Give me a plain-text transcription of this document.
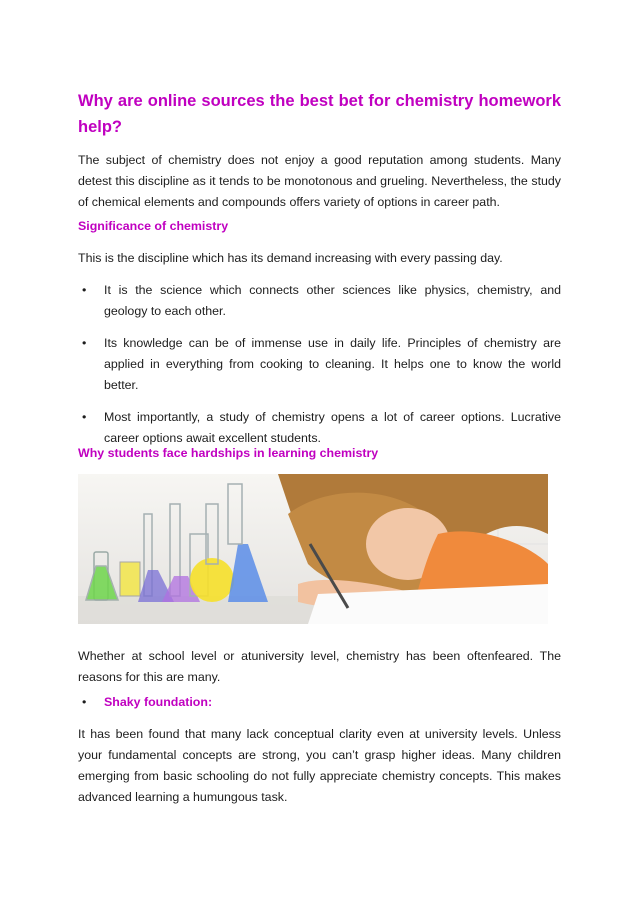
Why are online sources the best bet for chemistry homework help?

The subject of chemistry does not enjoy a good reputation among students. Many detest this discipline as it tends to be monotonous and grueling. Nevertheless, the study of chemical elements and compounds offers variety of options in career path.

Significance of chemistry

This is the discipline which has its demand increasing with every passing day.

• It is the science which connects other sciences like physics, chemistry, and geology to each other.
• Its knowledge can be of immense use in daily life. Principles of chemistry are applied in everything from cooking to cleaning. It helps one to know the world better.
• Most importantly, a study of chemistry opens a lot of career options. Lucrative career options await excellent students.
Why students face hardships in learning chemistry

Whether at school level or atuniversity level, chemistry has been oftenfeared. The reasons for this are many.

• Shaky foundation:

It has been found that many lack conceptual clarity even at university levels. Unless your fundamental concepts are strong, you can’t grasp higher ideas. Many children emerging from basic schooling do not fully appreciate chemistry concepts. This makes advanced learning a humungous task.
